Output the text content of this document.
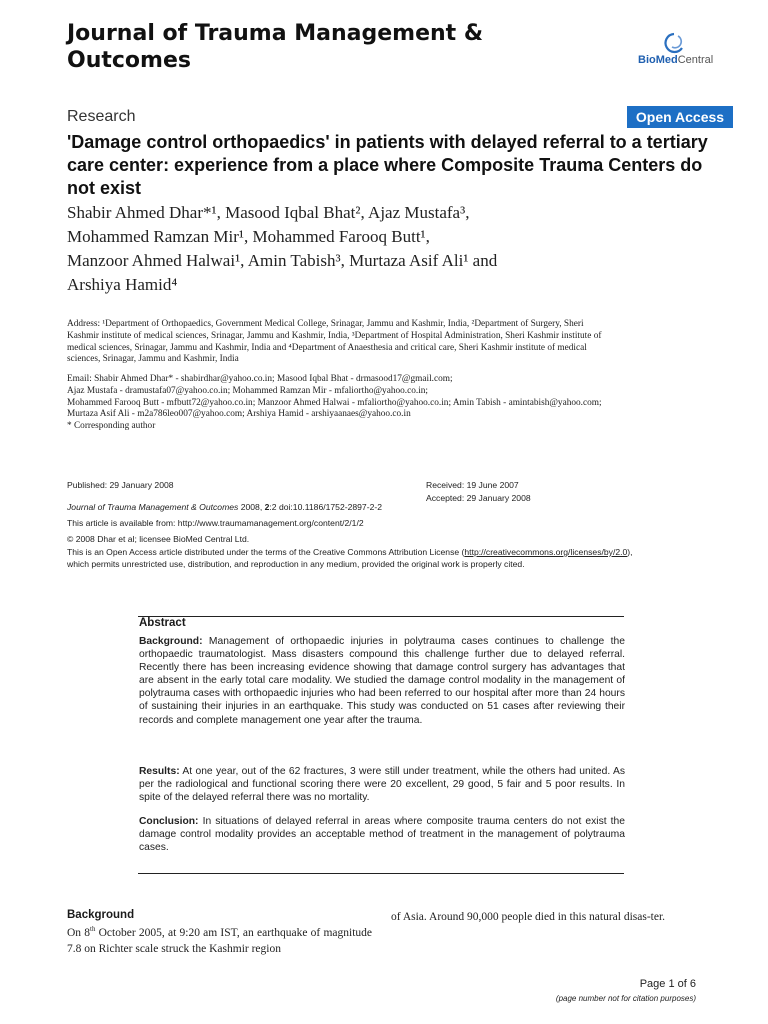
Journal of Trauma Management & Outcomes	BioMedCentral
Research	Open Access
'Damage control orthopaedics' in patients with delayed referral to a tertiary care center: experience from a place where Composite Trauma Centers do not exist
Shabir Ahmed Dhar*¹, Masood Iqbal Bhat², Ajaz Mustafa³,
Mohammed Ramzan Mir¹, Mohammed Farooq Butt¹,
Manzoor Ahmed Halwai¹, Amin Tabish³, Murtaza Asif Ali¹ and
Arshiya Hamid⁴
Address: ¹Department of Orthopaedics, Government Medical College, Srinagar, Jammu and Kashmir, India, ²Department of Surgery, Sheri
Kashmir institute of medical sciences, Srinagar, Jammu and Kashmir, India, ³Department of Hospital Administration, Sheri Kashmir institute of
medical sciences, Srinagar, Jammu and Kashmir, India and ⁴Department of Anaesthesia and critical care, Sheri Kashmir institute of medical
sciences, Srinagar, Jammu and Kashmir, India
Email: Shabir Ahmed Dhar* - shabirdhar@yahoo.co.in; Masood Iqbal Bhat - drmasood17@gmail.com;
Ajaz Mustafa - dramustafa07@yahoo.co.in; Mohammed Ramzan Mir - mfaliortho@yahoo.co.in;
Mohammed Farooq Butt - mfbutt72@yahoo.co.in; Manzoor Ahmed Halwai - mfaliortho@yahoo.co.in; Amin Tabish - amintabish@yahoo.com;
Murtaza Asif Ali - m2a786leo007@yahoo.com; Arshiya Hamid - arshiyaanaes@yahoo.co.in
* Corresponding author
Published: 29 January 2008	Received: 19 June 2007
Accepted: 29 January 2008
Journal of Trauma Management & Outcomes 2008, 2:2 doi:10.1186/1752-2897-2-2
This article is available from: http://www.traumamanagement.org/content/2/1/2
© 2008 Dhar et al; licensee BioMed Central Ltd.
This is an Open Access article distributed under the terms of the Creative Commons Attribution License (http://creativecommons.org/licenses/by/2.0),
which permits unrestricted use, distribution, and reproduction in any medium, provided the original work is properly cited.
Abstract
Background: Management of orthopaedic injuries in polytrauma cases continues to challenge the orthopaedic traumatologist. Mass disasters compound this challenge further due to delayed referral. Recently there has been increasing evidence showing that damage control surgery has advantages that are absent in the early total care modality. We studied the damage control modality in the management of polytrauma cases with orthopaedic injuries who had been referred to our hospital after more than 24 hours of sustaining their injuries in an earthquake. This study was conducted on 51 cases after reviewing their records and complete management one year after the trauma.
Results: At one year, out of the 62 fractures, 3 were still under treatment, while the others had united. As per the radiological and functional scoring there were 20 excellent, 29 good, 5 fair and 5 poor results. In spite of the delayed referral there was no mortality.
Conclusion: In situations of delayed referral in areas where composite trauma centers do not exist the damage control modality provides an acceptable method of treatment in the management of polytrauma cases.
Background
On 8th October 2005, at 9:20 am IST, an earthquake of magnitude 7.8 on Richter scale struck the Kashmir region
of Asia. Around 90,000 people died in this natural disas-ter.
Page 1 of 6
(page number not for citation purposes)
